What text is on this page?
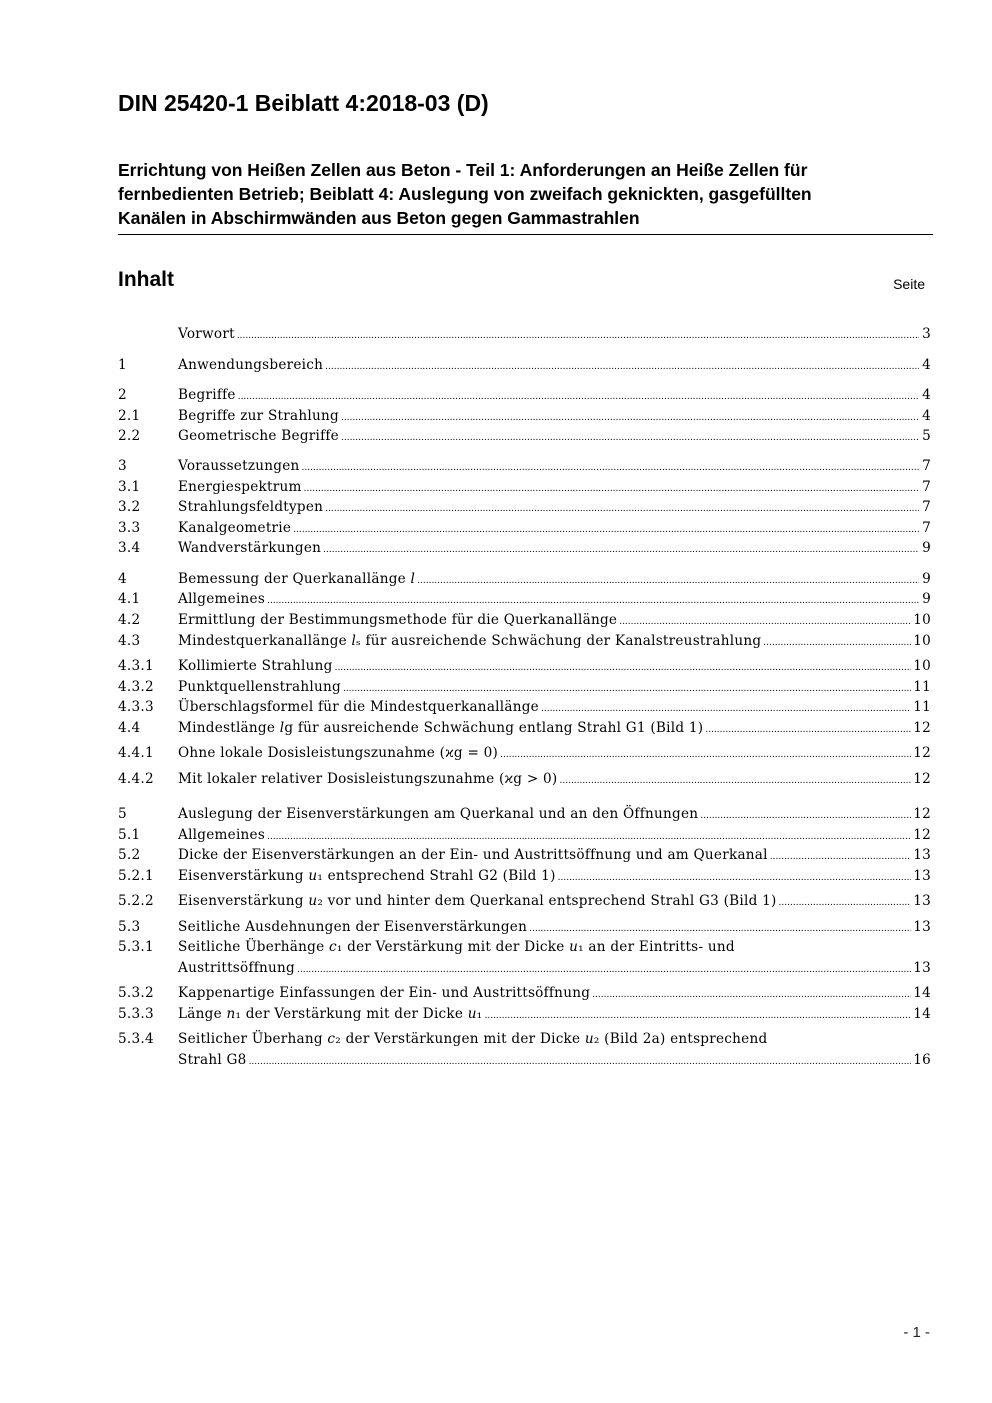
DIN 25420-1 Beiblatt 4:2018-03 (D)
Errichtung von Heißen Zellen aus Beton - Teil 1: Anforderungen an Heiße Zellen für
fernbedienten Betrieb; Beiblatt 4: Auslegung von zweifach geknickten, gasgefüllten
Kanälen in Abschirmwänden aus Beton gegen Gammastrahlen
Inhalt	Seite
Vorwort .....	3
1	Anwendungsbereich .....	4
2	Begriffe .....	4
2.1	Begriffe zur Strahlung .....	4
2.2	Geometrische Begriffe .....	5
3	Voraussetzungen .....	7
3.1	Energiespektrum .....	7
3.2	Strahlungsfeldtypen .....	7
3.3	Kanalgeometrie .....	7
3.4	Wandverstärkungen .....	9
4	Bemessung der Querkanallänge 𝑙 .....	9
4.1	Allgemeines .....	9
4.2	Ermittlung der Bestimmungsmethode für die Querkanallänge .....	10
4.3	Mindestquerkanallänge 𝑙ₛ für ausreichende Schwächung der Kanalstreustrahlung .....	10
4.3.1	Kollimierte Strahlung .....	10
4.3.2	Punktquellenstrahlung .....	11
4.3.3	Überschlagsformel für die Mindestquerkanallänge .....	11
4.4	Mindestlänge 𝑙g für ausreichende Schwächung entlang Strahl G1 (Bild 1) .....	12
4.4.1	Ohne lokale Dosisleistungszunahme (ϰg = 0) .....	12
4.4.2	Mit lokaler relativer Dosisleistungszunahme (ϰg > 0) .....	12
5	Auslegung der Eisenverstärkungen am Querkanal und an den Öffnungen .....	12
5.1	Allgemeines .....	12
5.2	Dicke der Eisenverstärkungen an der Ein- und Austrittsöffnung und am Querkanal .....	13
5.2.1	Eisenverstärkung 𝑢₁ entsprechend Strahl G2 (Bild 1) .....	13
5.2.2	Eisenverstärkung 𝑢₂ vor und hinter dem Querkanal entsprechend Strahl G3 (Bild 1) .....	13
5.3	Seitliche Ausdehnungen der Eisenverstärkungen .....	13
5.3.1	Seitliche Überhänge 𝑐₁ der Verstärkung mit der Dicke 𝑢₁ an der Eintritts- und
Austrittsöffnung .....	13
5.3.2	Kappenartige Einfassungen der Ein- und Austrittsöffnung .....	14
5.3.3	Länge 𝑛₁ der Verstärkung mit der Dicke 𝑢₁ .....	14
5.3.4	Seitlicher Überhang 𝑐₂ der Verstärkungen mit der Dicke 𝑢₂ (Bild 2a) entsprechend
Strahl G8 .....	16
- 1 -
